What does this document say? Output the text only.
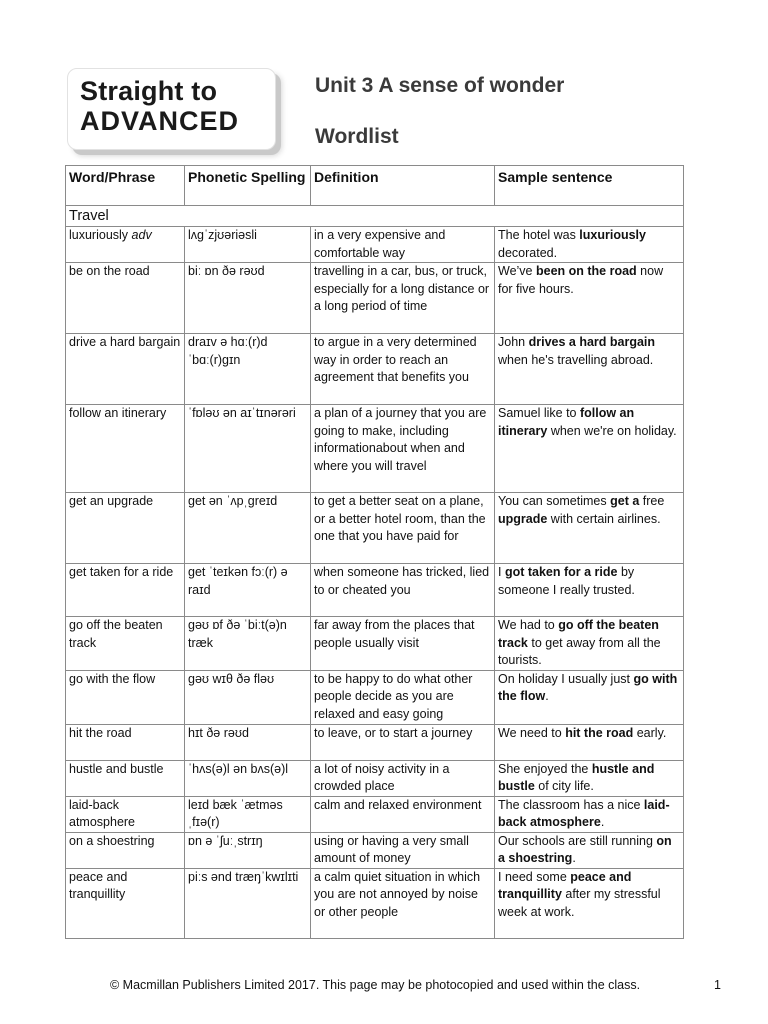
Straight to
ADVANCED
Unit 3 A sense of wonder
Wordlist
Word/Phrase	Phonetic Spelling	Definition	Sample sentence
Travel			
luxuriously adv	lʌɡˈzjʊəriəsli	in a very expensive and comfortable way	The hotel was luxuriously decorated.
be on the road	biː ɒn ðə rəʊd	travelling in a car, bus, or truck, especially for a long distance or a long period of time	We’ve been on the road now for five hours.
drive a hard bargain	draɪv ə hɑː(r)d ˈbɑː(r)ɡɪn	to argue in a very determined way in order to reach an agreement that benefits you	John drives a hard bargain when he's travelling abroad.
follow an itinerary	ˈfɒləʊ ən aɪˈtɪnərəri	a plan of a journey that you are going to make, including informationabout when and where you will travel	Samuel like to follow an itinerary when we're on holiday.
get an upgrade	ɡet ən ˈʌpˌɡreɪd	to get a better seat on a plane, or a better hotel room, than the one that you have paid for	You can sometimes get a free upgrade with certain airlines.
get taken for a ride	ɡet ˈteɪkən fɔː(r) ə raɪd	when someone has tricked, lied to or cheated you	I got taken for a ride by someone I really trusted.
go off the beaten track	ɡəʊ ɒf ðə ˈbiːt(ə)n træk	far away from the places that people usually visit	We had to go off the beaten track to get away from all the tourists.
go with the flow	ɡəʊ wɪθ ðə fləʊ	to be happy to do what other people decide as you are relaxed and easy going	On holiday I usually just go with the flow.
hit the road	hɪt ðə rəʊd	to leave, or to start a journey	We need to hit the road early.
hustle and bustle	ˈhʌs(ə)l ən bʌs(ə)l	a lot of noisy activity in a crowded place	She enjoyed the hustle and bustle of city life.
laid-back atmosphere	leɪd bæk ˈætməsˌfɪə(r)	calm and relaxed environment	The classroom has a nice laid-back atmosphere.
on a shoestring	ɒn ə ˈʃuːˌstrɪŋ	using or having a very small amount of money	Our schools are still running on a shoestring.
peace and tranquillity	piːs ənd træŋˈkwɪlɪti	a calm quiet situation in which you are not annoyed by noise or other people	I need some peace and tranquillity after my stressful week at work.
© Macmillan Publishers Limited 2017. This page may be photocopied and used within the class.	1
